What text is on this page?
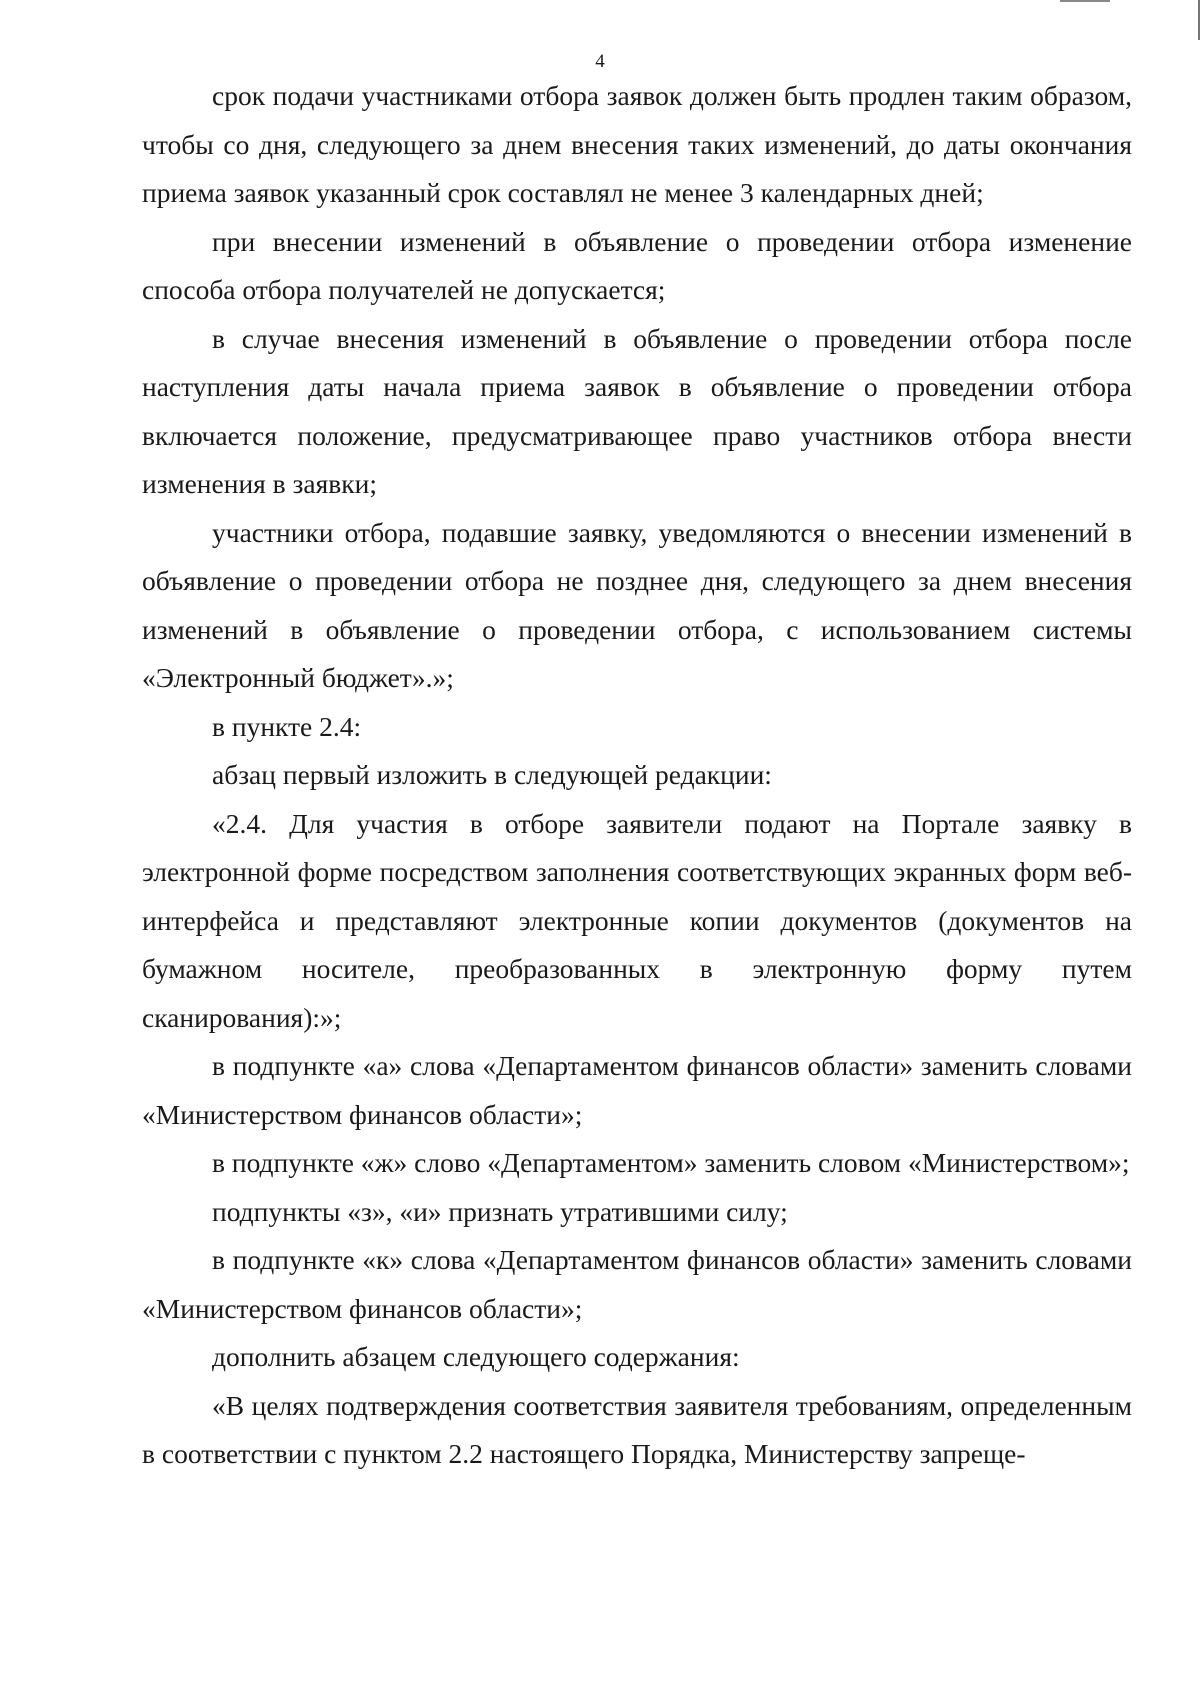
4

срок подачи участниками отбора заявок должен быть продлен таким образом, чтобы со дня, следующего за днем внесения таких изменений, до даты окончания приема заявок указанный срок составлял не менее 3 календарных дней;

при внесении изменений в объявление о проведении отбора изменение способа отбора получателей не допускается;

в случае внесения изменений в объявление о проведении отбора после наступления даты начала приема заявок в объявление о проведении отбора включается положение, предусматривающее право участников отбора внести изменения в заявки;

участники отбора, подавшие заявку, уведомляются о внесении изменений в объявление о проведении отбора не позднее дня, следующего за днем внесения изменений в объявление о проведении отбора, с использованием системы «Электронный бюджет».»;

в пункте 2.4:

абзац первый изложить в следующей редакции:

«2.4. Для участия в отборе заявители подают на Портале заявку в электронной форме посредством заполнения соответствующих экранных форм веб-интерфейса и представляют электронные копии документов (документов на бумажном носителе, преобразованных в электронную форму путем сканирования):»;

в подпункте «а» слова «Департаментом финансов области» заменить словами «Министерством финансов области»;

в подпункте «ж» слово «Департаментом» заменить словом «Министерством»;

подпункты «з», «и» признать утратившими силу;

в подпункте «к» слова «Департаментом финансов области» заменить словами «Министерством финансов области»;

дополнить абзацем следующего содержания:

«В целях подтверждения соответствия заявителя требованиям, определенным в соответствии с пунктом 2.2 настоящего Порядка, Министерству запреще-
